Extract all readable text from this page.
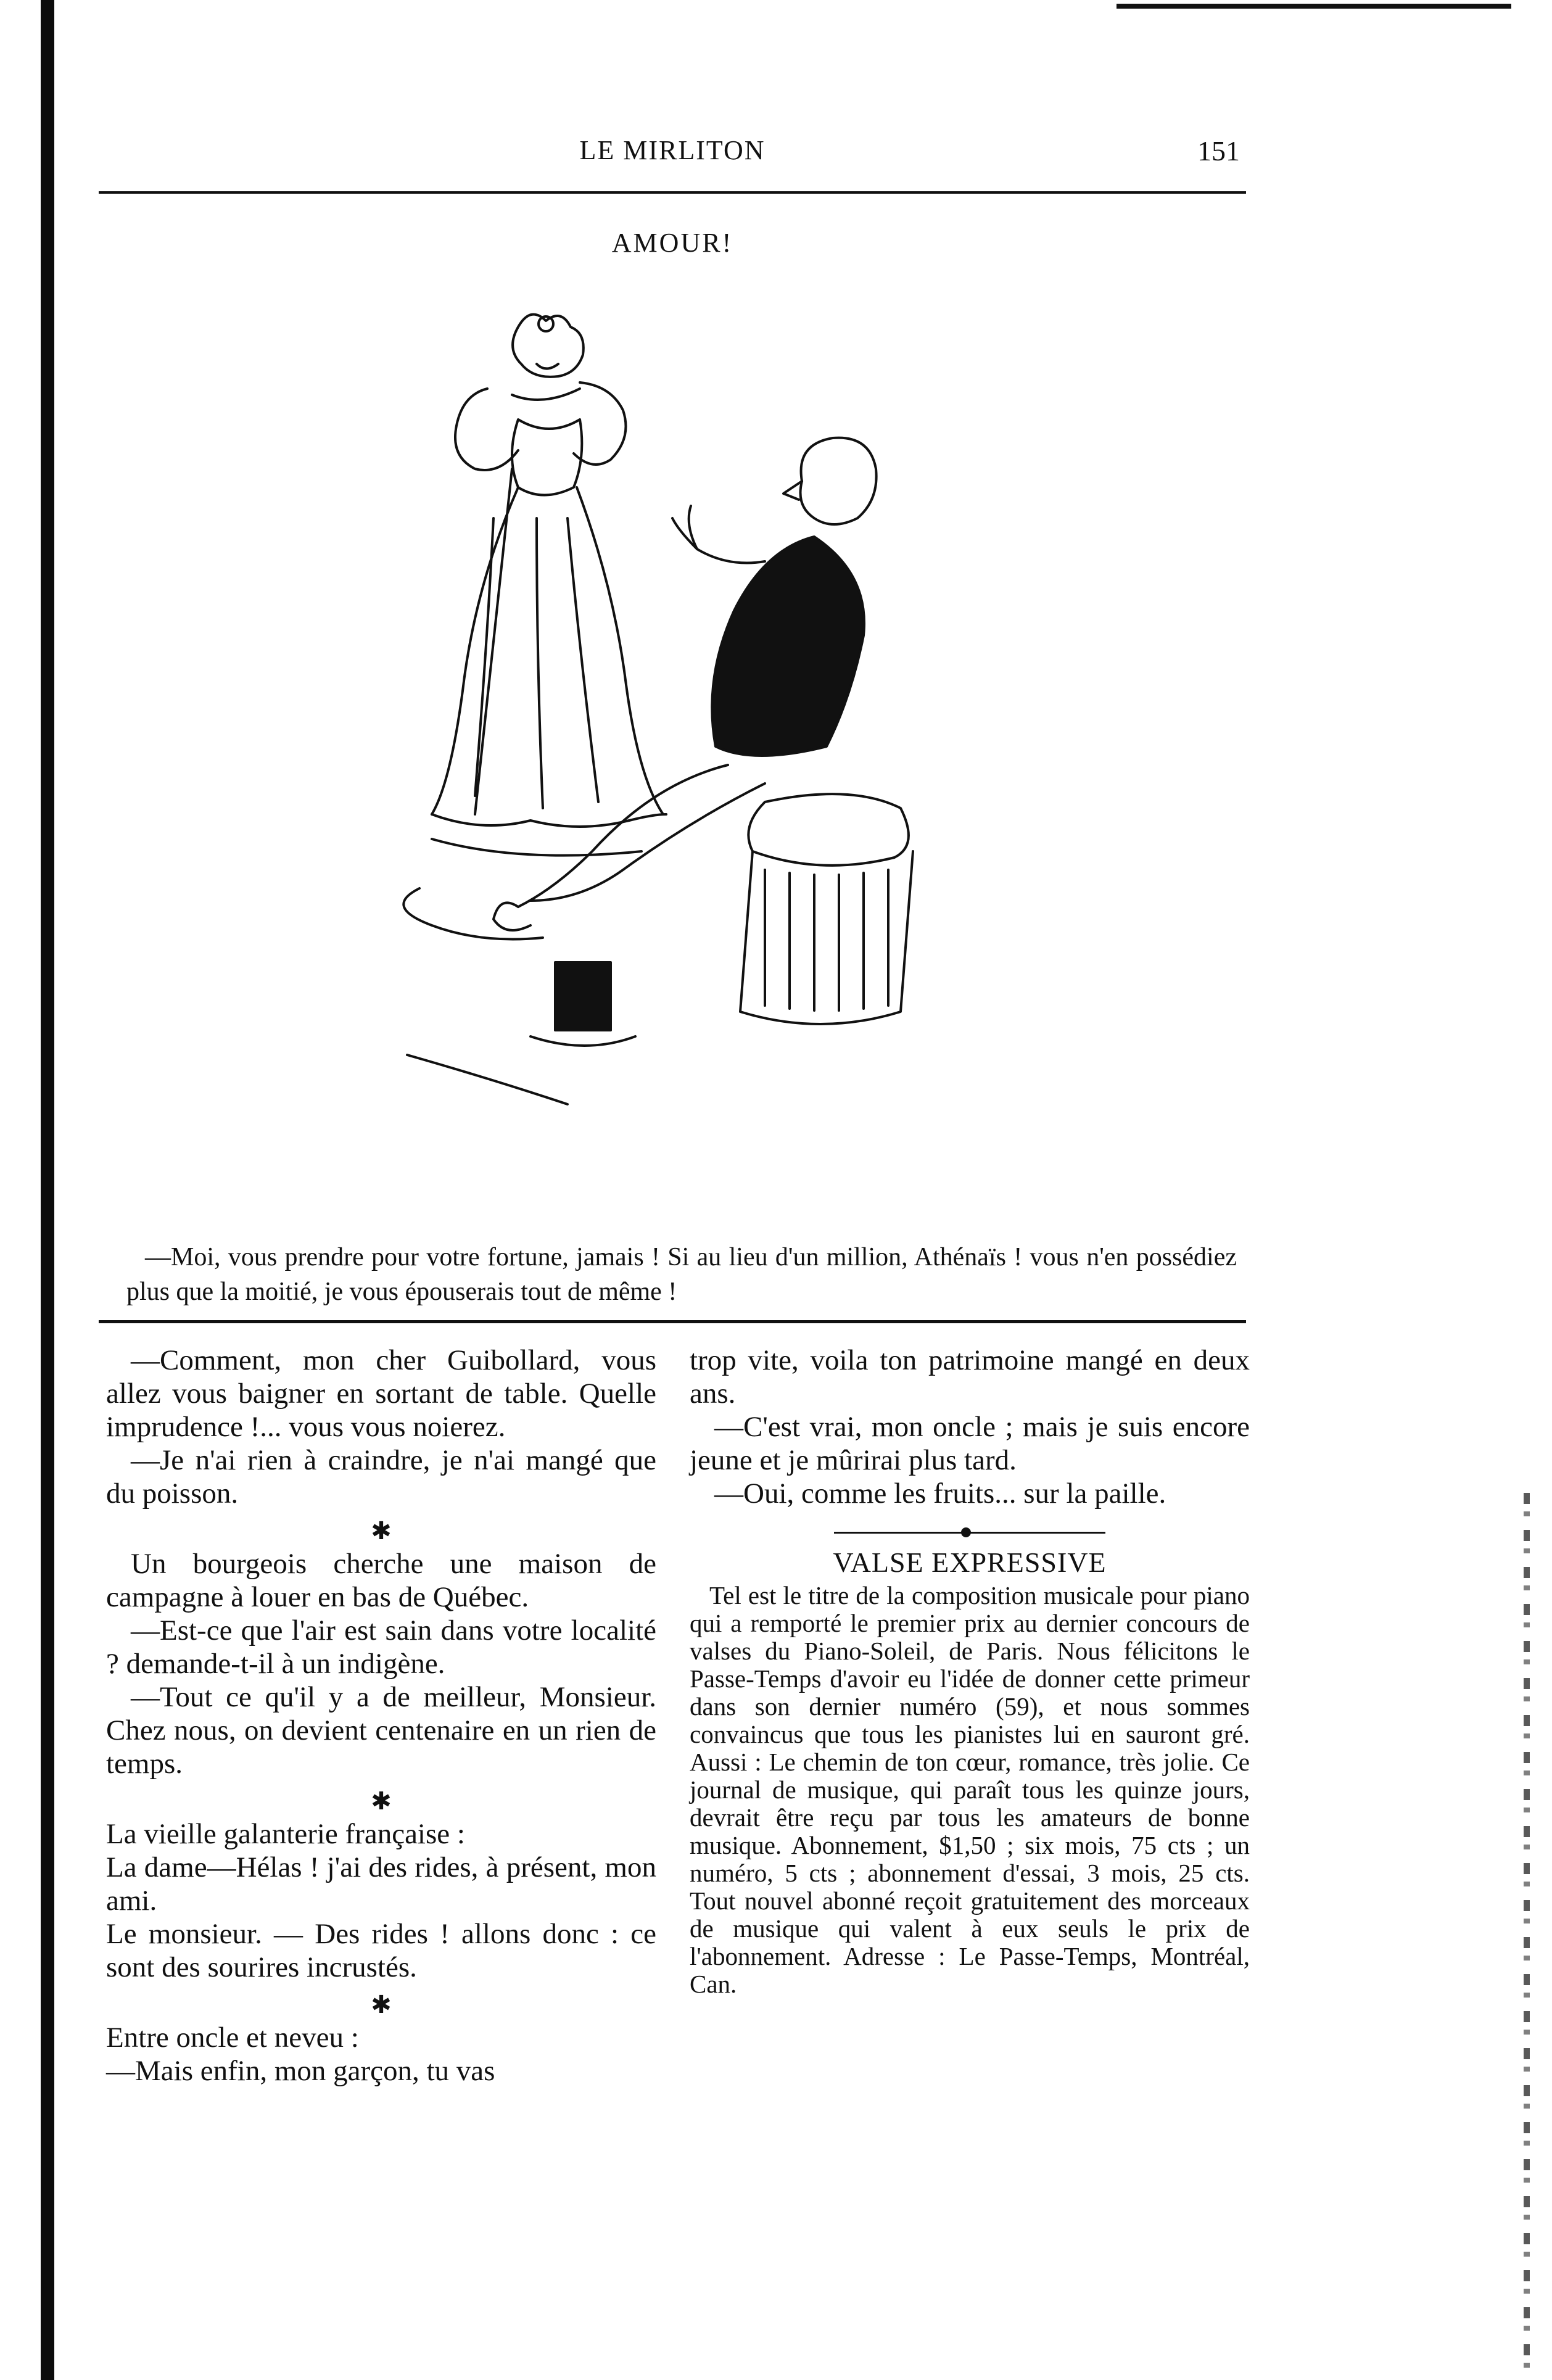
LE MIRLITON	151
AMOUR!

—Moi, vous prendre pour votre fortune, jamais ! Si au lieu d'un million, Athénaïs ! vous n'en possédiez plus que la moitié, je vous épouserais tout de même !

—Comment, mon cher Guibollard, vous allez vous baigner en sortant de table. Quelle imprudence !... vous vous noierez.

—Je n'ai rien à craindre, je n'ai mangé que du poisson.

✱

Un bourgeois cherche une maison de campagne à louer en bas de Québec.

—Est-ce que l'air est sain dans votre localité ? demande-t-il à un indigène.

—Tout ce qu'il y a de meilleur, Monsieur. Chez nous, on devient centenaire en un rien de temps.

✱

La vieille galanterie française :

La dame—Hélas ! j'ai des rides, à présent, mon ami.

Le monsieur. — Des rides ! allons donc : ce sont des sourires incrustés.

✱

Entre oncle et neveu :

—Mais enfin, mon garçon, tu vas

trop vite, voila ton patrimoine mangé en deux ans.

—C'est vrai, mon oncle ; mais je suis encore jeune et je mûrirai plus tard.

—Oui, comme les fruits... sur la paille.

VALSE EXPRESSIVE

Tel est le titre de la composition musicale pour piano qui a remporté le premier prix au dernier concours de valses du Piano-Soleil, de Paris. Nous félicitons le Passe-Temps d'avoir eu l'idée de donner cette primeur dans son dernier numéro (59), et nous sommes convaincus que tous les pianistes lui en sauront gré. Aussi : Le chemin de ton cœur, romance, très jolie. Ce journal de musique, qui paraît tous les quinze jours, devrait être reçu par tous les amateurs de bonne musique. Abonnement, $1,50 ; six mois, 75 cts ; un numéro, 5 cts ; abonnement d'essai, 3 mois, 25 cts. Tout nouvel abonné reçoit gratuitement des morceaux de musique qui valent à eux seuls le prix de l'abonnement. Adresse : Le Passe-Temps, Montréal, Can.
